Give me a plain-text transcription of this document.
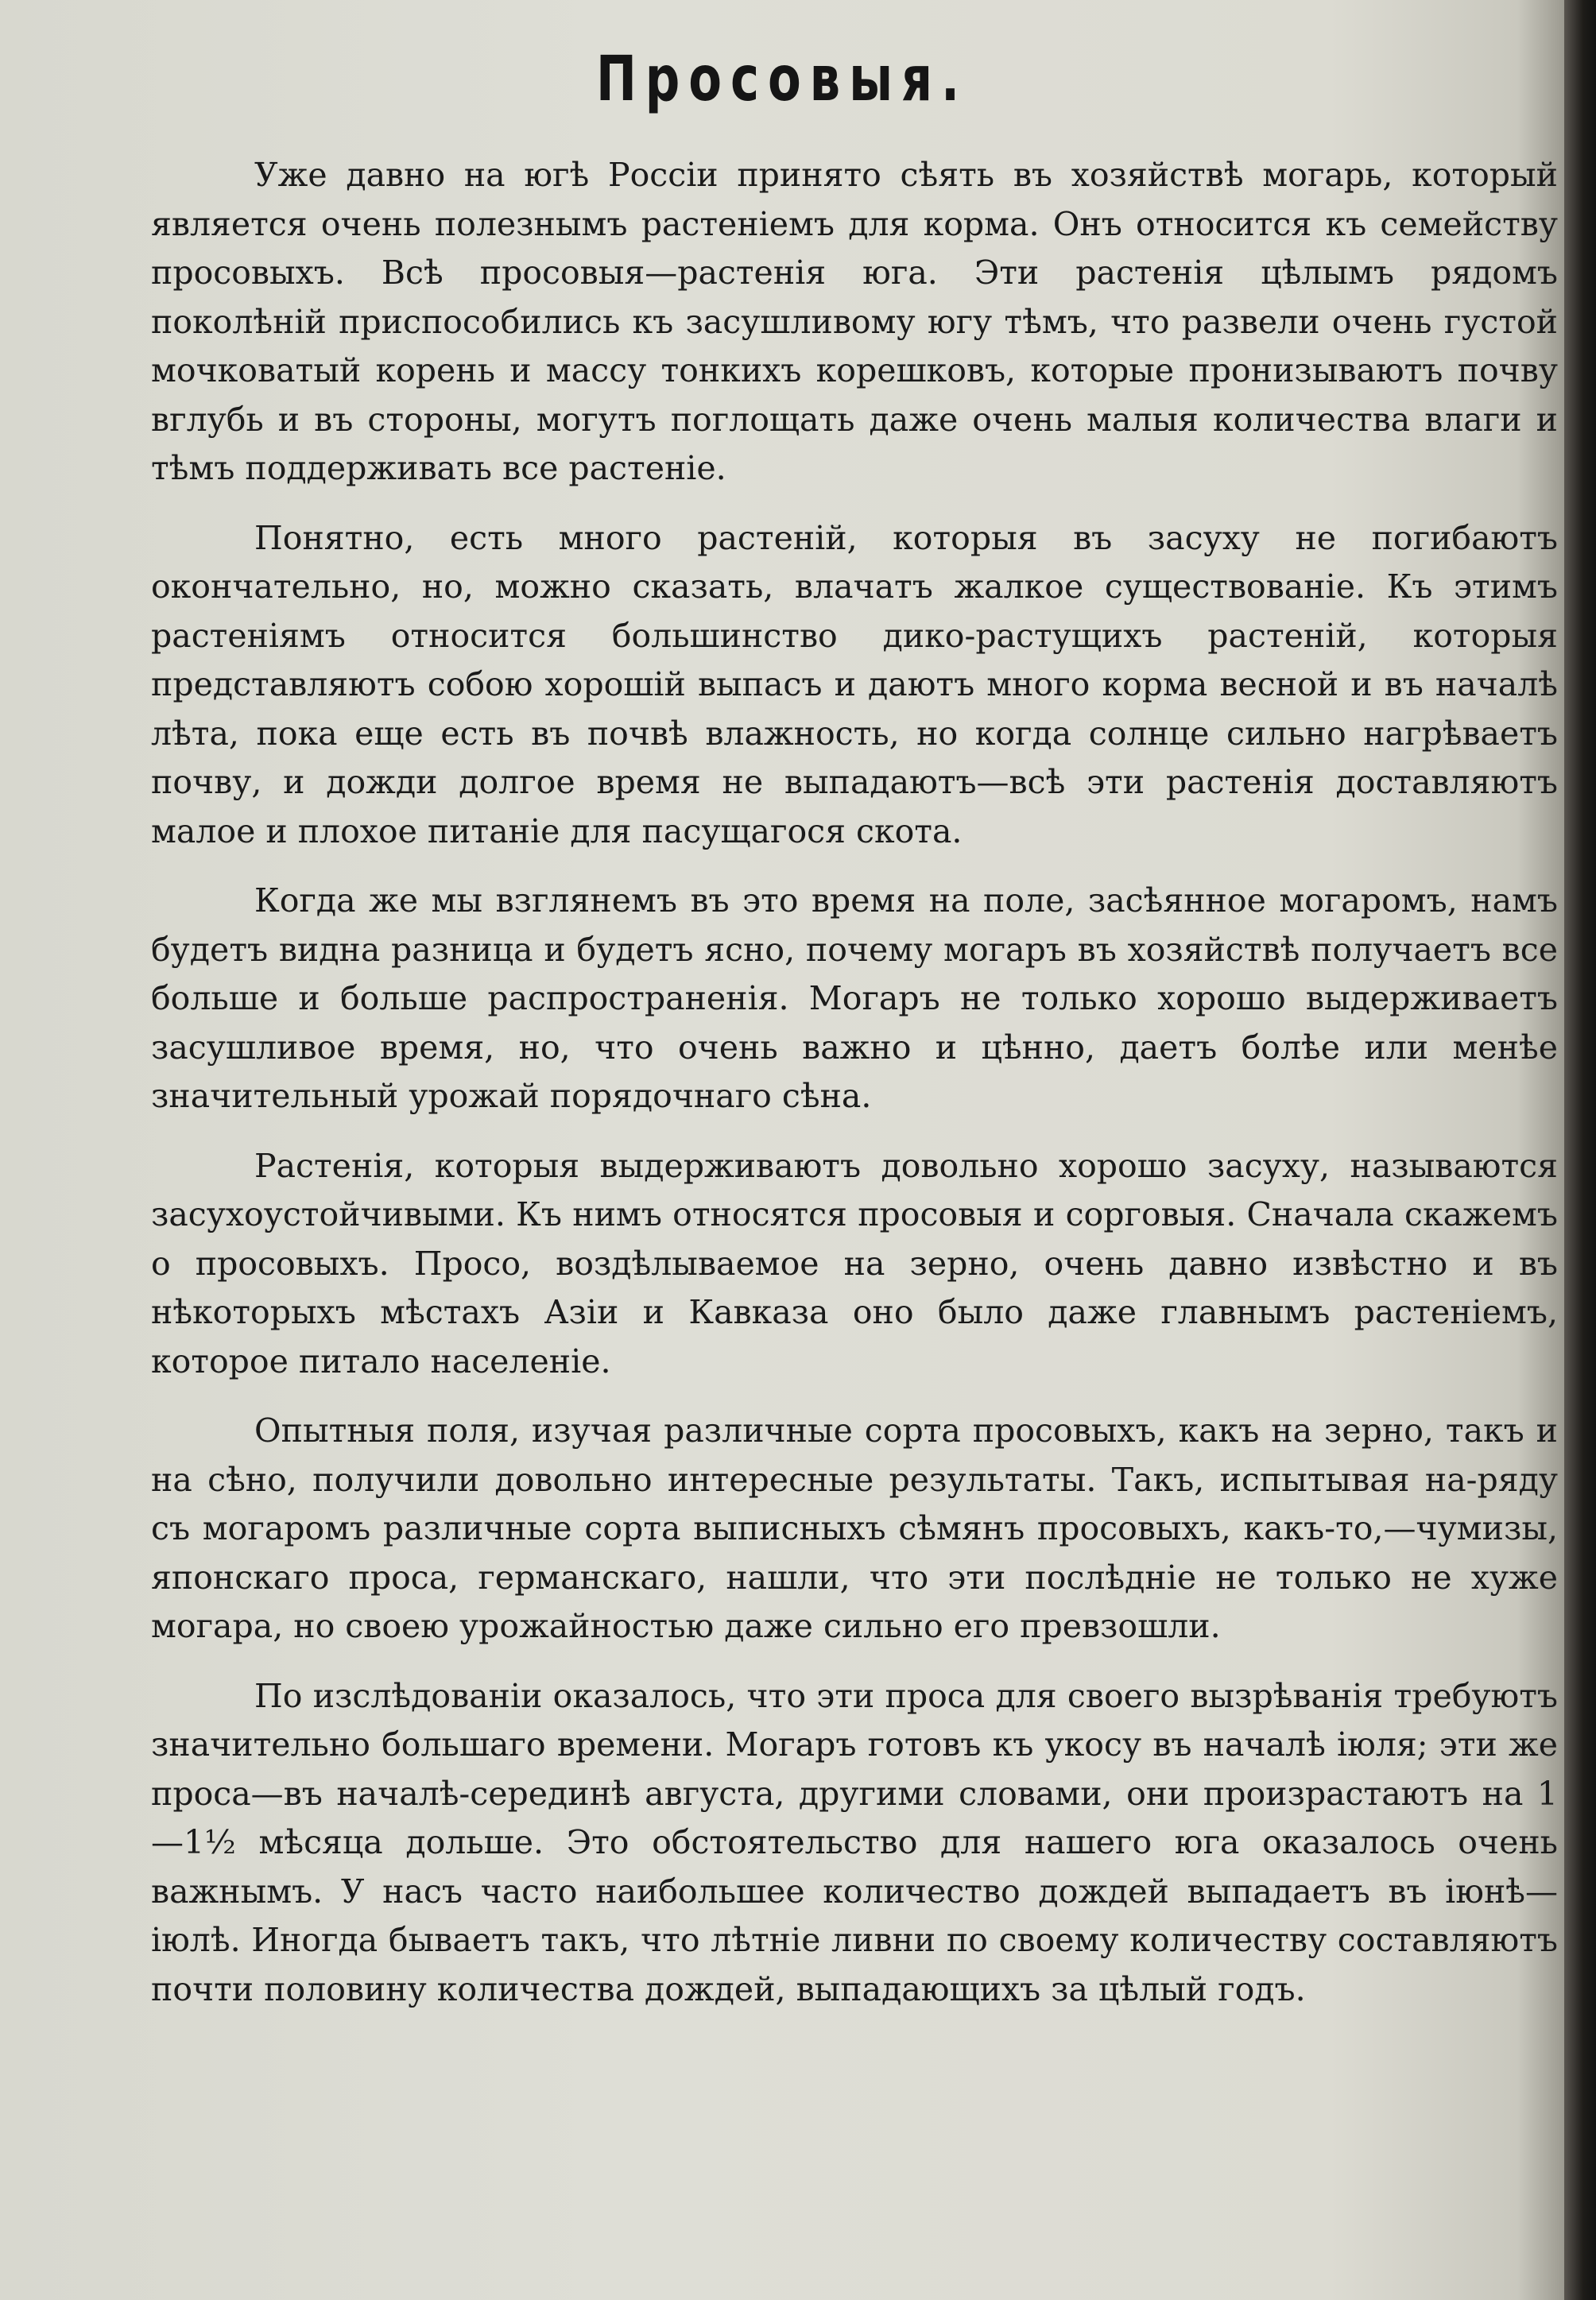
Просовыя.

Уже давно на югѣ Россіи принято сѣять въ хозяйствѣ могарь, который является очень полезнымъ растеніемъ для корма. Онъ относится къ семейству просовыхъ. Всѣ просовыя—растенія юга. Эти растенія цѣлымъ рядомъ поколѣній приспособились къ засушливому югу тѣмъ, что развели очень густой мочковатый корень и массу тонкихъ корешковъ, которые пронизываютъ почву вглубь и въ стороны, могутъ поглощать даже очень малыя количества влаги и тѣмъ поддерживать все растеніе.

Понятно, есть много растеній, которыя въ засуху не погибаютъ окончательно, но, можно сказать, влачатъ жалкое существованіе. Къ этимъ растеніямъ относится большинство дико-растущихъ растеній, которыя представляютъ собою хорошій выпасъ и даютъ много корма весной и въ началѣ лѣта, пока еще есть въ почвѣ влажность, но когда солнце сильно нагрѣваетъ почву, и дожди долгое время не выпадаютъ—всѣ эти растенія доставляютъ малое и плохое питаніе для пасущагося скота.

Когда же мы взглянемъ въ это время на поле, засѣянное могаромъ, намъ будетъ видна разница и будетъ ясно, почему могаръ въ хозяйствѣ получаетъ все больше и больше распространенія. Могаръ не только хорошо выдерживаетъ засушливое время, но, что очень важно и цѣнно, даетъ болѣе или менѣе значительный урожай порядочнаго сѣна.

Растенія, которыя выдерживаютъ довольно хорошо засуху, называются засухоустойчивыми. Къ нимъ относятся просовыя и сорговыя. Сначала скажемъ о просовыхъ. Просо, воздѣлываемое на зерно, очень давно извѣстно и въ нѣкоторыхъ мѣстахъ Азіи и Кавказа оно было даже главнымъ растеніемъ, которое питало населеніе.

Опытныя поля, изучая различные сорта просовыхъ, какъ на зерно, такъ и на сѣно, получили довольно интересные результаты. Такъ, испытывая на-ряду съ могаромъ различные сорта выписныхъ сѣмянъ просовыхъ, какъ-то,—чумизы, японскаго проса, германскаго, нашли, что эти послѣдніе не только не хуже могара, но своею урожайностью даже сильно его превзошли.

По изслѣдованіи оказалось, что эти проса для своего вызрѣванія требуютъ значительно большаго времени. Могаръ готовъ къ укосу въ началѣ іюля; эти же проса—въ началѣ-серединѣ августа, другими словами, они произрастаютъ на 1—1½ мѣсяца дольше. Это обстоятельство для нашего юга оказалось очень важнымъ. У насъ часто наибольшее количество дождей выпадаетъ въ іюнѣ—іюлѣ. Иногда бываетъ такъ, что лѣтніе ливни по своему количеству составляютъ почти половину количества дождей, выпадающихъ за цѣлый годъ.
